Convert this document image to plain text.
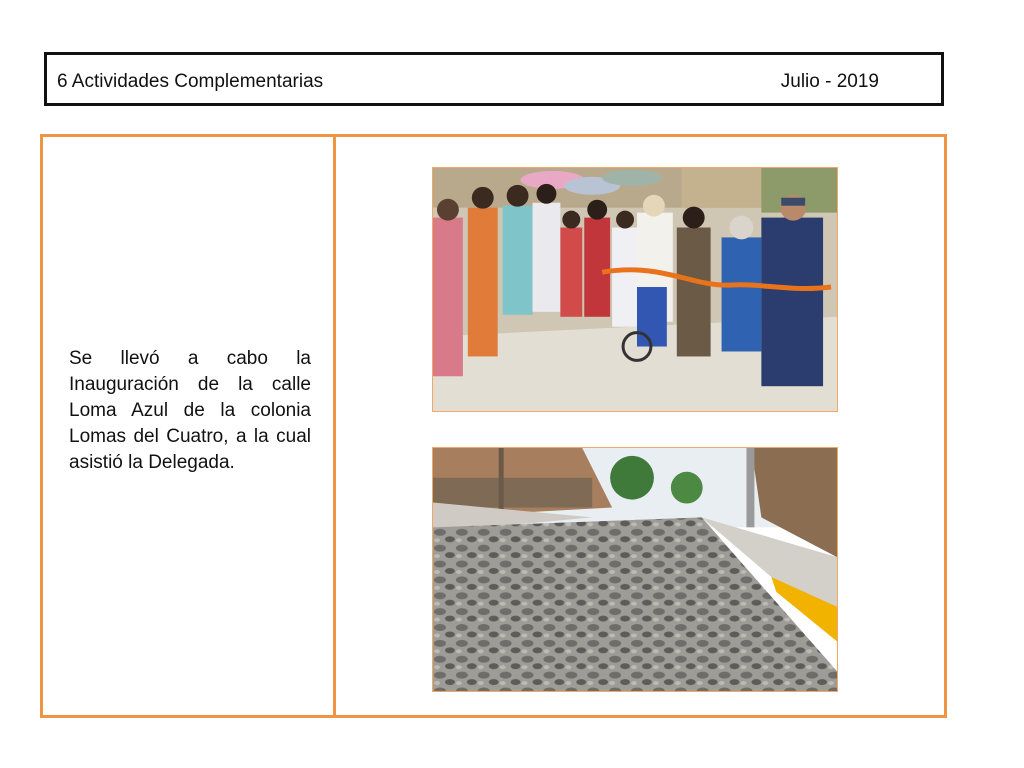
6 Actividades Complementarias	Julio - 2019

Se llevó a cabo la Inauguración de la calle Loma Azul de la colonia Lomas del Cuatro, a la cual asistió la Delegada.
